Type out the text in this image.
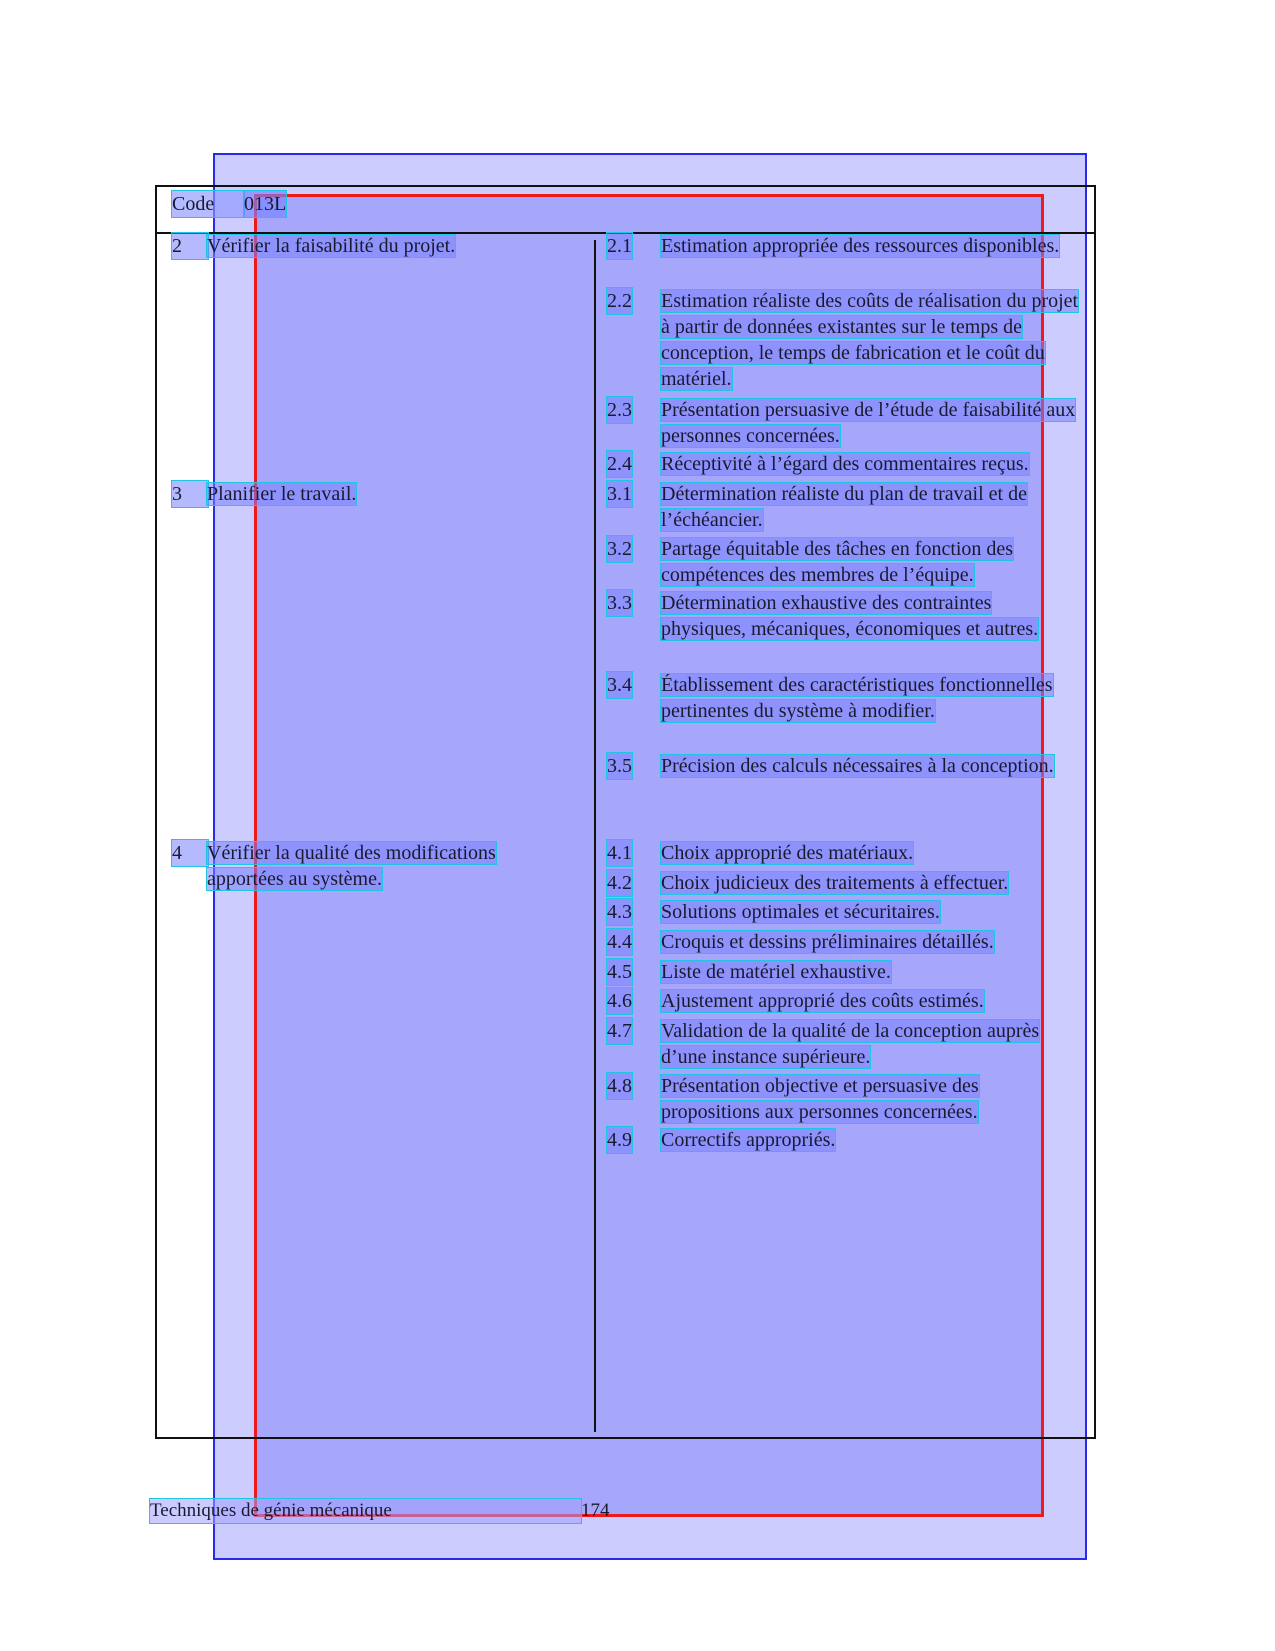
Code 013L
2	Vérifier la faisabilité du projet.	2.1 Estimation appropriée des ressources disponibles.
2.2 Estimation réaliste des coûts de réalisation du projet à partir de données existantes sur le temps de conception, le temps de fabrication et le coût du matériel.
2.3 Présentation persuasive de l’étude de faisabilité aux personnes concernées.
2.4 Réceptivité à l’égard des commentaires reçus.
3	Planifier le travail.	3.1 Détermination réaliste du plan de travail et de l’échéancier.
3.2 Partage équitable des tâches en fonction des compétences des membres de l’équipe.
3.3 Détermination exhaustive des contraintes physiques, mécaniques, économiques et autres.
3.4 Établissement des caractéristiques fonctionnelles pertinentes du système à modifier.
3.5 Précision des calculs nécessaires à la conception.
4	Vérifier la qualité des modifications apportées au système.
4.1 Choix approprié des matériaux.
4.2 Choix judicieux des traitements à effectuer.
4.3 Solutions optimales et sécuritaires.
4.4 Croquis et dessins préliminaires détaillés.
4.5 Liste de matériel exhaustive.
4.6 Ajustement approprié des coûts estimés.
4.7 Validation de la qualité de la conception auprès d’une instance supérieure.
4.8 Présentation objective et persuasive des propositions aux personnes concernées.
4.9 Correctifs appropriés.
Techniques de génie mécanique	174
